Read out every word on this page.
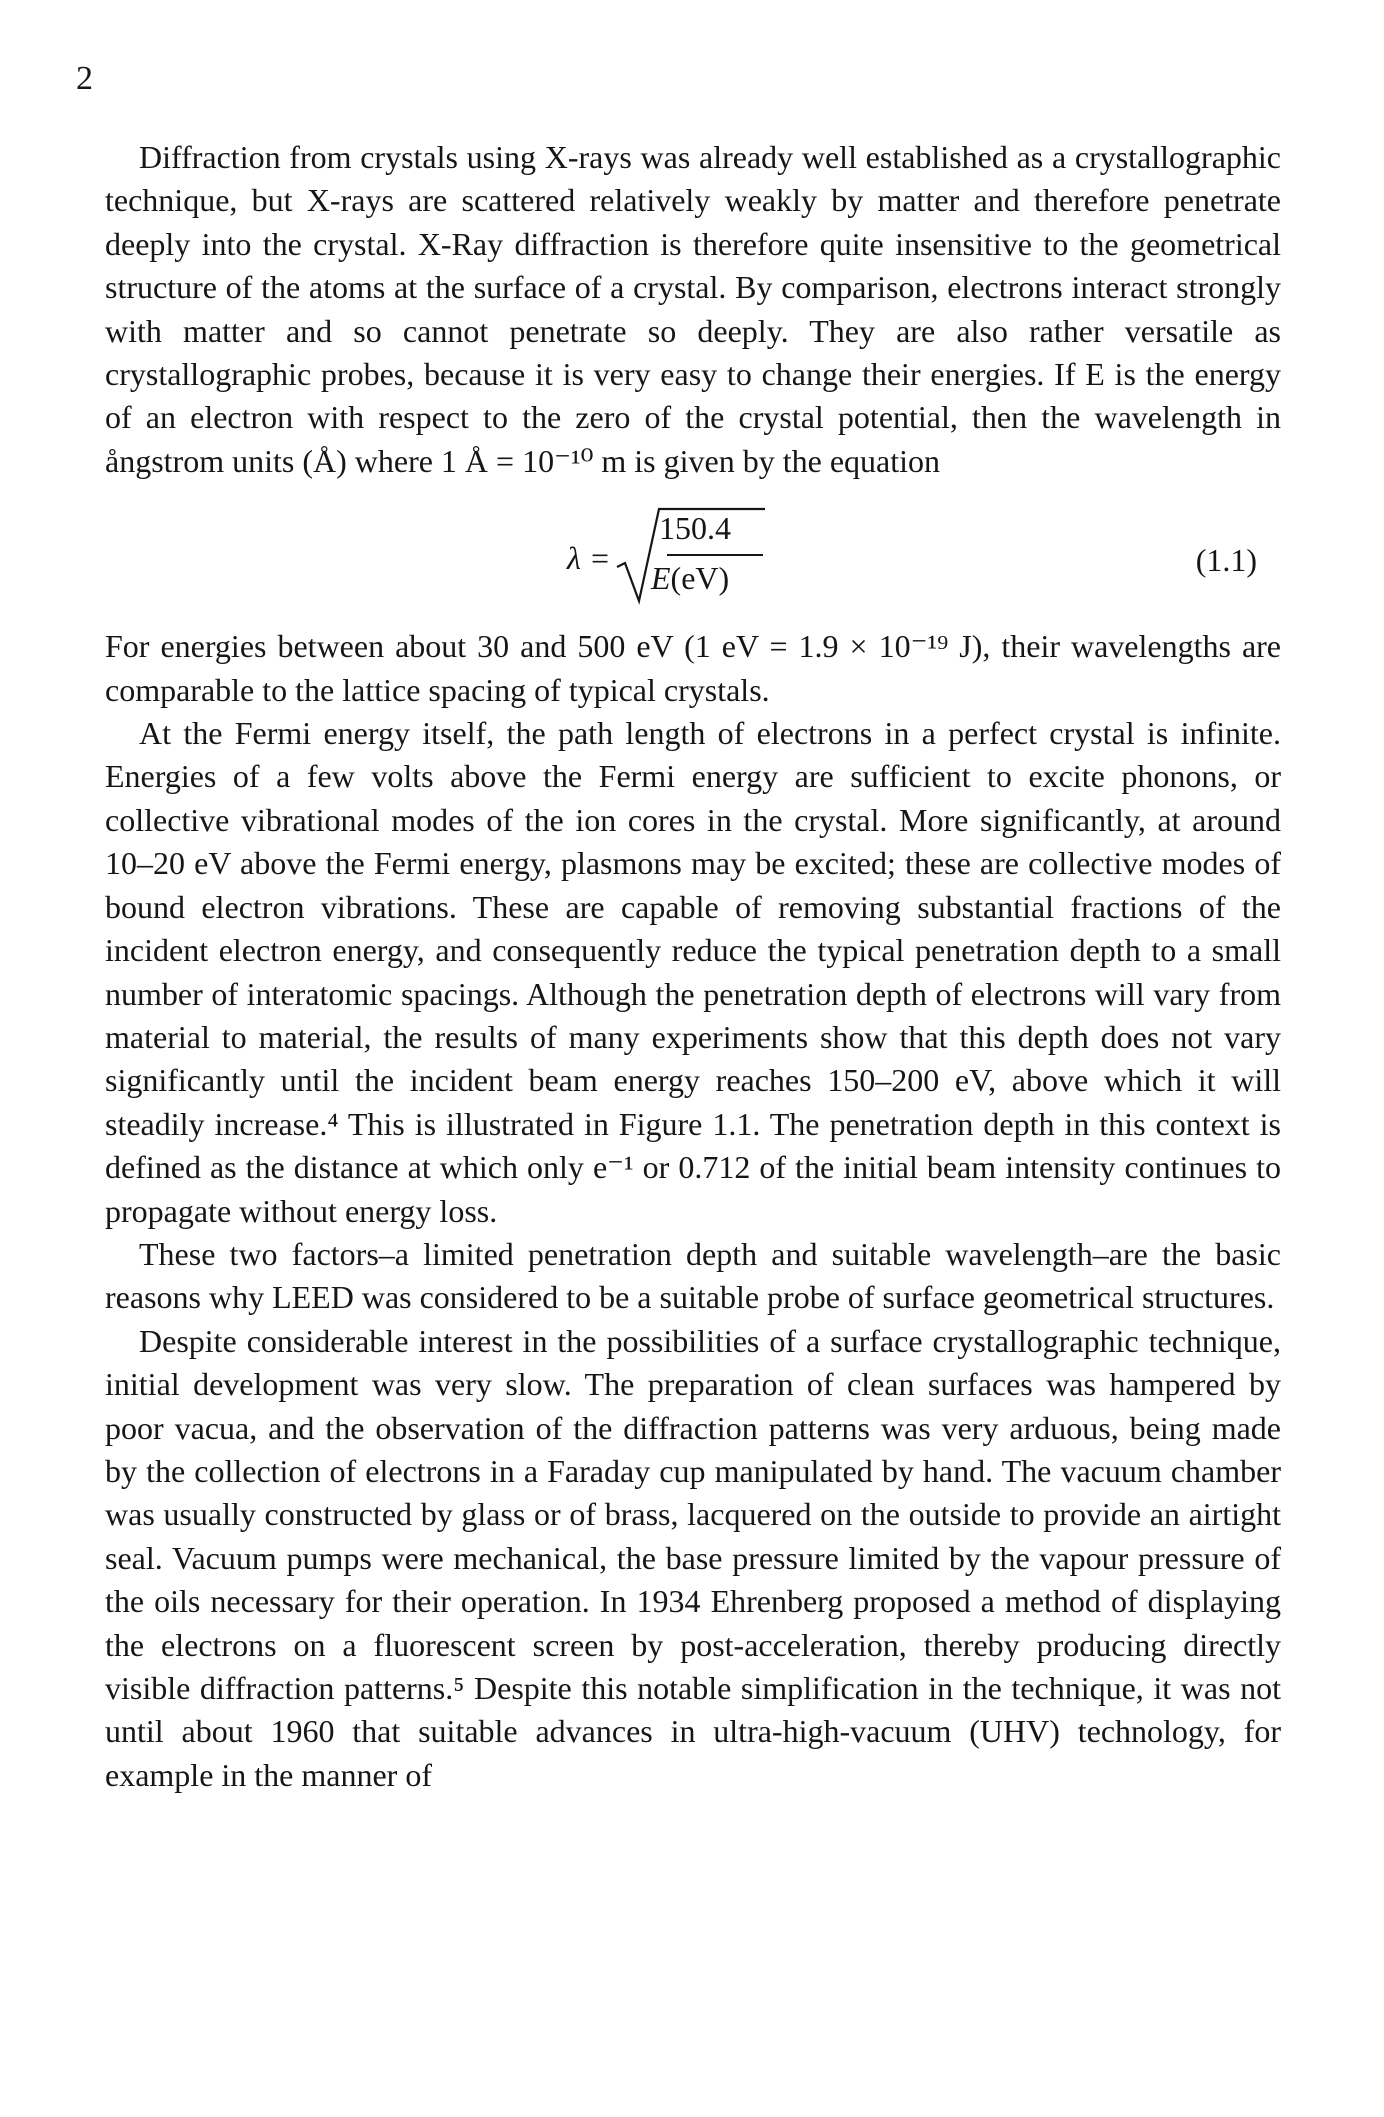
2

Diffraction from crystals using X-rays was already well established as a crystallographic technique, but X-rays are scattered relatively weakly by matter and therefore penetrate deeply into the crystal. X-Ray diffraction is therefore quite insensitive to the geometrical structure of the atoms at the surface of a crystal. By comparison, electrons interact strongly with matter and so cannot penetrate so deeply. They are also rather versatile as crystallographic probes, because it is very easy to change their energies. If E is the energy of an electron with respect to the zero of the crystal potential, then the wavelength in ångstrom units (Å) where 1 Å = 10⁻¹⁰ m is given by the equation

λ =
150.4
E(eV)	(1.1)

For energies between about 30 and 500 eV (1 eV = 1.9 × 10⁻¹⁹ J), their wavelengths are comparable to the lattice spacing of typical crystals.

At the Fermi energy itself, the path length of electrons in a perfect crystal is infinite. Energies of a few volts above the Fermi energy are sufficient to excite phonons, or collective vibrational modes of the ion cores in the crystal. More significantly, at around 10–20 eV above the Fermi energy, plasmons may be excited; these are collective modes of bound electron vibrations. These are capable of removing substantial fractions of the incident electron energy, and consequently reduce the typical penetration depth to a small number of interatomic spacings. Although the penetration depth of electrons will vary from material to material, the results of many experiments show that this depth does not vary significantly until the incident beam energy reaches 150–200 eV, above which it will steadily increase.⁴ This is illustrated in Figure 1.1. The penetration depth in this context is defined as the distance at which only e⁻¹ or 0.712 of the initial beam intensity continues to propagate without energy loss.

These two factors–a limited penetration depth and suitable wavelength–are the basic reasons why LEED was considered to be a suitable probe of surface geometrical structures.

Despite considerable interest in the possibilities of a surface crystallographic technique, initial development was very slow. The preparation of clean surfaces was hampered by poor vacua, and the observation of the diffraction patterns was very arduous, being made by the collection of electrons in a Faraday cup manipulated by hand. The vacuum chamber was usually constructed by glass or of brass, lacquered on the outside to provide an airtight seal. Vacuum pumps were mechanical, the base pressure limited by the vapour pressure of the oils necessary for their operation. In 1934 Ehrenberg proposed a method of displaying the electrons on a fluorescent screen by post-acceleration, thereby producing directly visible diffraction patterns.⁵ Despite this notable simplification in the technique, it was not until about 1960 that suitable advances in ultra-high-vacuum (UHV) technology, for example in the manner of
